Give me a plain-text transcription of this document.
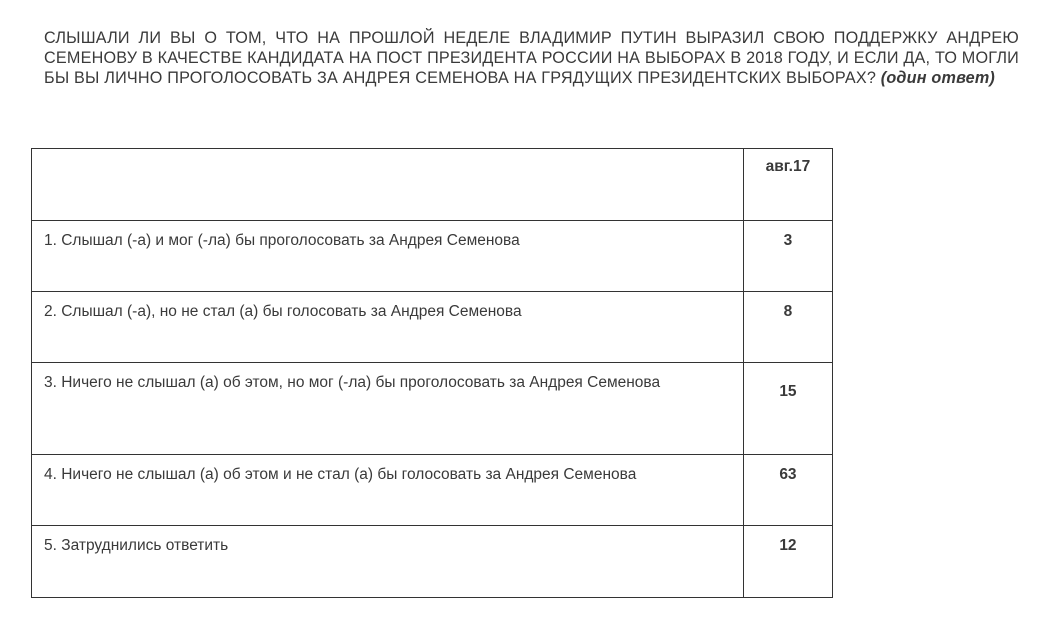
СЛЫШАЛИ ЛИ ВЫ О ТОМ, ЧТО НА ПРОШЛОЙ НЕДЕЛЕ ВЛАДИМИР ПУТИН ВЫРАЗИЛ СВОЮ ПОДДЕРЖКУ АНДРЕЮ СЕМЕНОВУ В КАЧЕСТВЕ КАНДИДАТА НА ПОСТ ПРЕЗИДЕНТА РОССИИ НА ВЫБОРАХ В 2018 ГОДУ, И ЕСЛИ ДА, ТО МОГЛИ БЫ ВЫ ЛИЧНО ПРОГОЛОСОВАТЬ ЗА АНДРЕЯ СЕМЕНОВА НА ГРЯДУЩИХ ПРЕЗИДЕНТСКИХ ВЫБОРАХ? (один ответ)

	авг.17
1. Слышал (-а) и мог (-ла) бы проголосовать за Андрея Семенова	3
2. Слышал (-а), но не стал (а) бы голосовать за Андрея Семенова	8
3. Ничего не слышал (а) об этом, но мог (-ла) бы проголосовать за Андрея Семенова	15
4. Ничего не слышал (а) об этом и не стал (а) бы голосовать за Андрея Семенова	63
5. Затруднились ответить	12
